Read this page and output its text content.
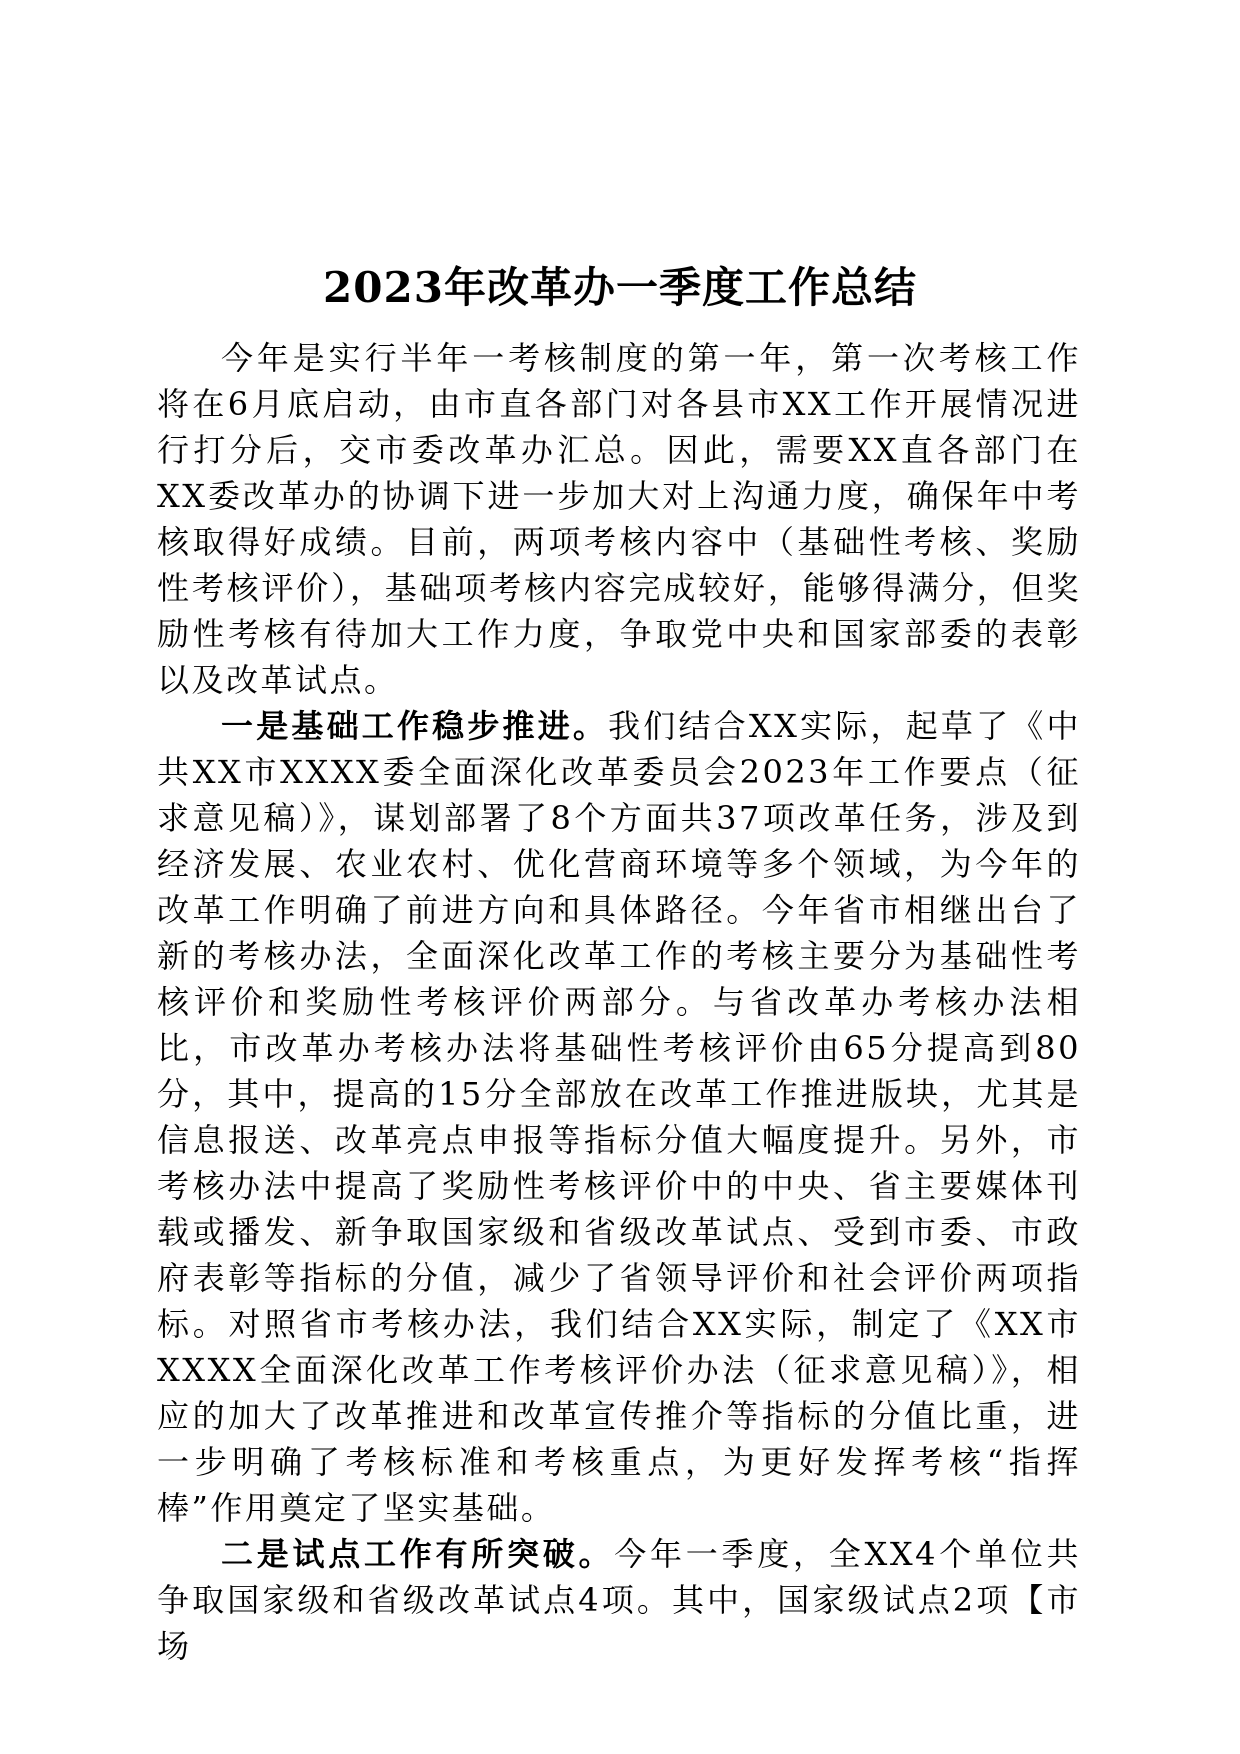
2023年改革办一季度工作总结

今年是实行半年一考核制度的第一年，第一次考核工作将在6月底启动，由市直各部门对各县市XX工作开展情况进行打分后，交市委改革办汇总。因此，需要XX直各部门在XX委改革办的协调下进一步加大对上沟通力度，确保年中考核取得好成绩。目前，两项考核内容中（基础性考核、奖励性考核评价），基础项考核内容完成较好，能够得满分，但奖励性考核有待加大工作力度，争取党中央和国家部委的表彰以及改革试点。

一是基础工作稳步推进。我们结合XX实际，起草了《中共XX市XXXX委全面深化改革委员会2023年工作要点（征求意见稿）》，谋划部署了8个方面共37项改革任务，涉及到经济发展、农业农村、优化营商环境等多个领域，为今年的改革工作明确了前进方向和具体路径。今年省市相继出台了新的考核办法，全面深化改革工作的考核主要分为基础性考核评价和奖励性考核评价两部分。与省改革办考核办法相比，市改革办考核办法将基础性考核评价由65分提高到80分，其中，提高的15分全部放在改革工作推进版块，尤其是信息报送、改革亮点申报等指标分值大幅度提升。另外，市考核办法中提高了奖励性考核评价中的中央、省主要媒体刊载或播发、新争取国家级和省级改革试点、受到市委、市政府表彰等指标的分值，减少了省领导评价和社会评价两项指标。对照省市考核办法，我们结合XX实际，制定了《XX市XXXX全面深化改革工作考核评价办法（征求意见稿）》，相应的加大了改革推进和改革宣传推介等指标的分值比重，进一步明确了考核标准和考核重点，为更好发挥考核“指挥棒”作用奠定了坚实基础。

二是试点工作有所突破。今年一季度，全XX4个单位共争取国家级和省级改革试点4项。其中，国家级试点2项【市场
